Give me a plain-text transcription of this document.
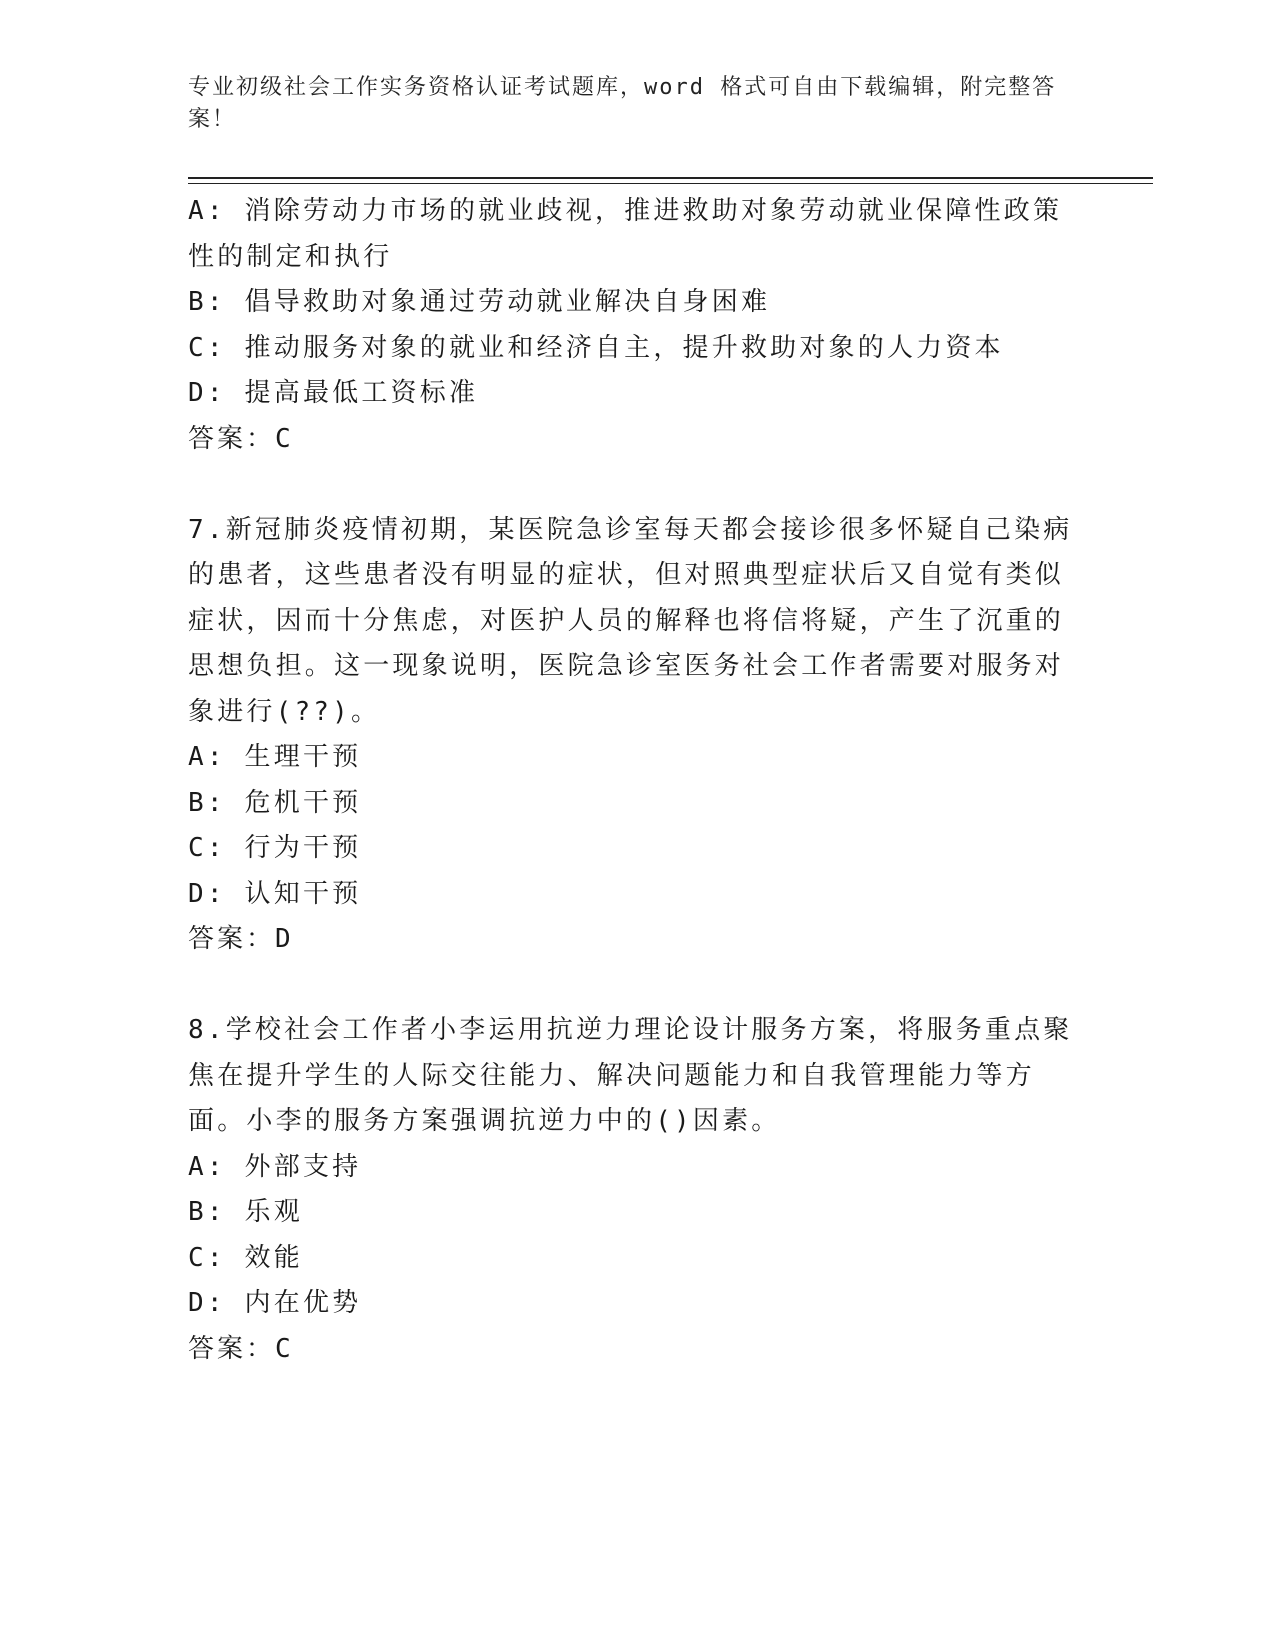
专业初级社会工作实务资格认证考试题库，word 格式可自由下载编辑，附完整答案！
A: 消除劳动力市场的就业歧视，推进救助对象劳动就业保障性政策性的制定和执行
B: 倡导救助对象通过劳动就业解决自身困难
C: 推动服务对象的就业和经济自主，提升救助对象的人力资本
D: 提高最低工资标准
答案：C
7.新冠肺炎疫情初期，某医院急诊室每天都会接诊很多怀疑自己染病的患者，这些患者没有明显的症状，但对照典型症状后又自觉有类似症状，因而十分焦虑，对医护人员的解释也将信将疑，产生了沉重的思想负担。这一现象说明，医院急诊室医务社会工作者需要对服务对象进行(??)。
A: 生理干预
B: 危机干预
C: 行为干预
D: 认知干预
答案：D
8.学校社会工作者小李运用抗逆力理论设计服务方案，将服务重点聚焦在提升学生的人际交往能力、解决问题能力和自我管理能力等方面。小李的服务方案强调抗逆力中的()因素。
A: 外部支持
B: 乐观
C: 效能
D: 内在优势
答案：C
